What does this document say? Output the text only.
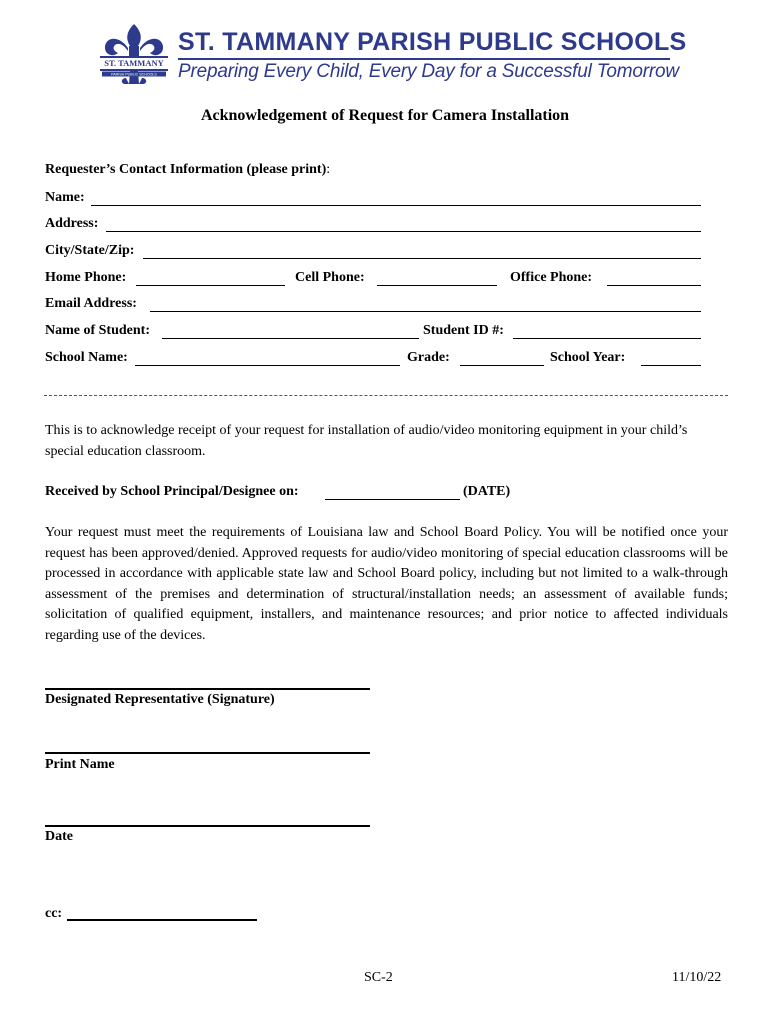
ST. TAMMANY
PARISH PUBLIC SCHOOLS
ST. TAMMANY PARISH PUBLIC SCHOOLS
Preparing Every Child, Every Day for a Successful Tomorrow
Acknowledgement of Request for Camera Installation
Requester’s Contact Information (please print):
Name:
Address:
City/State/Zip:
Home Phone:	Cell Phone:	Office Phone:
Email Address:
Name of Student:	Student ID #:
School Name:	Grade:	School Year:
This is to acknowledge receipt of your request for installation of audio/video monitoring equipment in your child’s special education classroom.
Received by School Principal/Designee on:	(DATE)
Your request must meet the requirements of Louisiana law and School Board Policy. You will be notified once your request has been approved/denied. Approved requests for audio/video monitoring of special education classrooms will be processed in accordance with applicable state law and School Board policy, including but not limited to a walk-through assessment of the premises and determination of structural/installation needs; an assessment of available funds; solicitation of qualified equipment, installers, and maintenance resources; and prior notice to affected individuals regarding use of the devices.
Designated Representative (Signature)
Print Name
Date
cc:
SC-2	11/10/22
